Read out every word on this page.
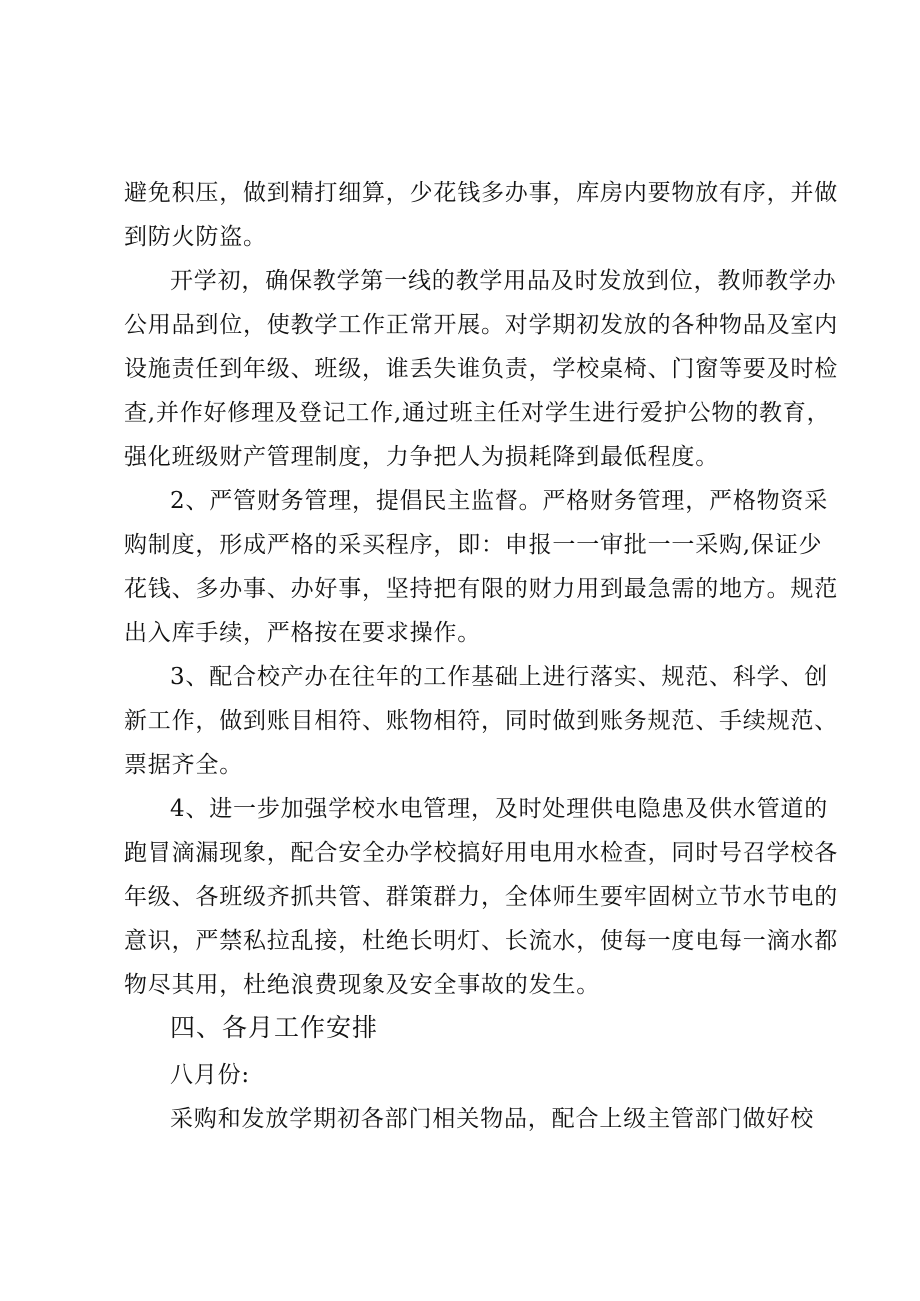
避免积压，做到精打细算，少花钱多办事，库房内要物放有序，并做
到防火防盗。
开学初，确保教学第一线的教学用品及时发放到位，教师教学办
公用品到位，使教学工作正常开展。对学期初发放的各种物品及室内
设施责任到年级、班级，谁丢失谁负责，学校桌椅、门窗等要及时检
查,并作好修理及登记工作,通过班主任对学生进行爱护公物的教育，
强化班级财产管理制度，力争把人为损耗降到最低程度。
2、严管财务管理，提倡民主监督。严格财务管理，严格物资采
购制度，形成严格的采买程序，即：申报一一审批一一采购,保证少
花钱、多办事、办好事，坚持把有限的财力用到最急需的地方。规范
出入库手续，严格按在要求操作。
3、配合校产办在往年的工作基础上进行落实、规范、科学、创
新工作，做到账目相符、账物相符，同时做到账务规范、手续规范、
票据齐全。
4、进一步加强学校水电管理，及时处理供电隐患及供水管道的
跑冒滴漏现象，配合安全办学校搞好用电用水检查，同时号召学校各
年级、各班级齐抓共管、群策群力，全体师生要牢固树立节水节电的
意识，严禁私拉乱接，杜绝长明灯、长流水，使每一度电每一滴水都
物尽其用，杜绝浪费现象及安全事故的发生。
四、各月工作安排
八月份:
采购和发放学期初各部门相关物品，配合上级主管部门做好校
